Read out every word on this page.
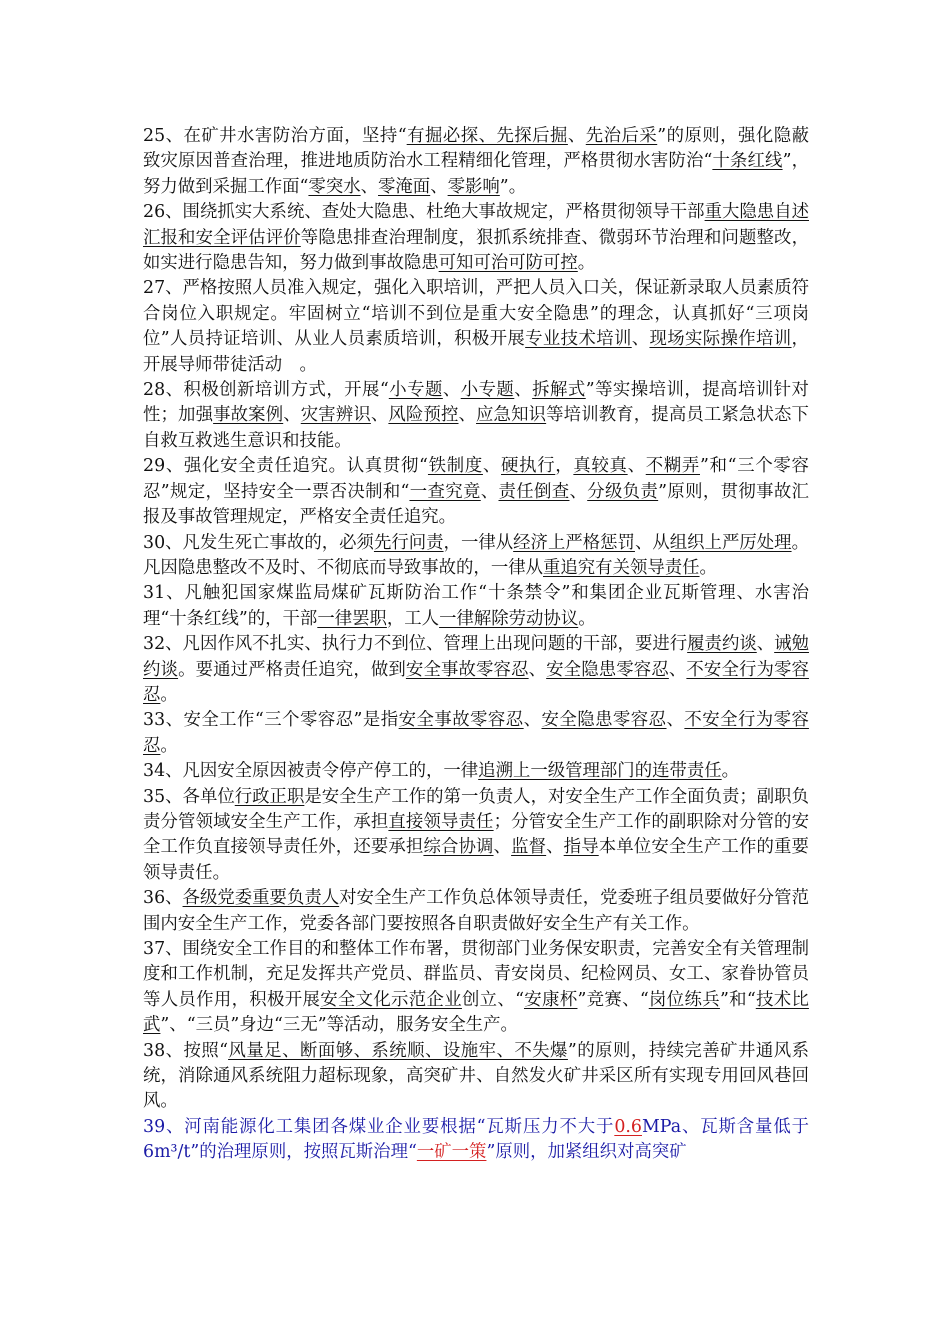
25、在矿井水害防治方面，坚持“有掘必探、先探后掘、先治后采”的原则，强化隐蔽致灾原因普查治理，推进地质防治水工程精细化管理，严格贯彻水害防治“十条红线”，努力做到采掘工作面“零突水、零淹面、零影响”。

26、围绕抓实大系统、查处大隐患、杜绝大事故规定，严格贯彻领导干部重大隐患自述汇报和安全评估评价等隐患排查治理制度，狠抓系统排查、微弱环节治理和问题整改，如实进行隐患告知，努力做到事故隐患可知可治可防可控。

27、严格按照人员准入规定，强化入职培训，严把人员入口关，保证新录取人员素质符合岗位入职规定。牢固树立“培训不到位是重大安全隐患”的理念，认真抓好“三项岗位”人员持证培训、从业人员素质培训，积极开展专业技术培训、现场实际操作培训，开展导师带徒活动　。

28、积极创新培训方式，开展“小专题、小专题、拆解式”等实操培训，提高培训针对性；加强事故案例、灾害辨识、风险预控、应急知识等培训教育，提高员工紧急状态下自救互救逃生意识和技能。

29、强化安全责任追究。认真贯彻“铁制度、硬执行，真较真、不糊弄”和“三个零容忍”规定，坚持安全一票否决制和“一查究竟、责任倒查、分级负责”原则，贯彻事故汇报及事故管理规定，严格安全责任追究。

30、凡发生死亡事故的，必须先行问责，一律从经济上严格惩罚、从组织上严厉处理。凡因隐患整改不及时、不彻底而导致事故的，一律从重追究有关领导责任。

31、凡触犯国家煤监局煤矿瓦斯防治工作“十条禁令”和集团企业瓦斯管理、水害治理“十条红线”的，干部一律罢职，工人一律解除劳动协议。

32、凡因作风不扎实、执行力不到位、管理上出现问题的干部，要进行履责约谈、诫勉约谈。要通过严格责任追究，做到安全事故零容忍、安全隐患零容忍、不安全行为零容忍。

33、安全工作“三个零容忍”是指安全事故零容忍、安全隐患零容忍、不安全行为零容忍。

34、凡因安全原因被责令停产停工的，一律追溯上一级管理部门的连带责任。

35、各单位行政正职是安全生产工作的第一负责人，对安全生产工作全面负责；副职负责分管领域安全生产工作，承担直接领导责任；分管安全生产工作的副职除对分管的安全工作负直接领导责任外，还要承担综合协调、监督、指导本单位安全生产工作的重要领导责任。

36、各级党委重要负责人对安全生产工作负总体领导责任，党委班子组员要做好分管范围内安全生产工作，党委各部门要按照各自职责做好安全生产有关工作。

37、围绕安全工作目的和整体工作布署，贯彻部门业务保安职责，完善安全有关管理制度和工作机制，充足发挥共产党员、群监员、青安岗员、纪检网员、女工、家眷协管员等人员作用，积极开展安全文化示范企业创立、“安康杯”竞赛、“岗位练兵”和“技术比武”、“三员”身边“三无”等活动，服务安全生产。

38、按照“风量足、断面够、系统顺、设施牢、不失爆”的原则，持续完善矿井通风系统，消除通风系统阻力超标现象，高突矿井、自然发火矿井采区所有实现专用回风巷回风。

39、河南能源化工集团各煤业企业要根据“瓦斯压力不大于0.6MPa、瓦斯含量低于6m³/t”的治理原则，按照瓦斯治理“一矿一策”原则，加紧组织对高突矿
